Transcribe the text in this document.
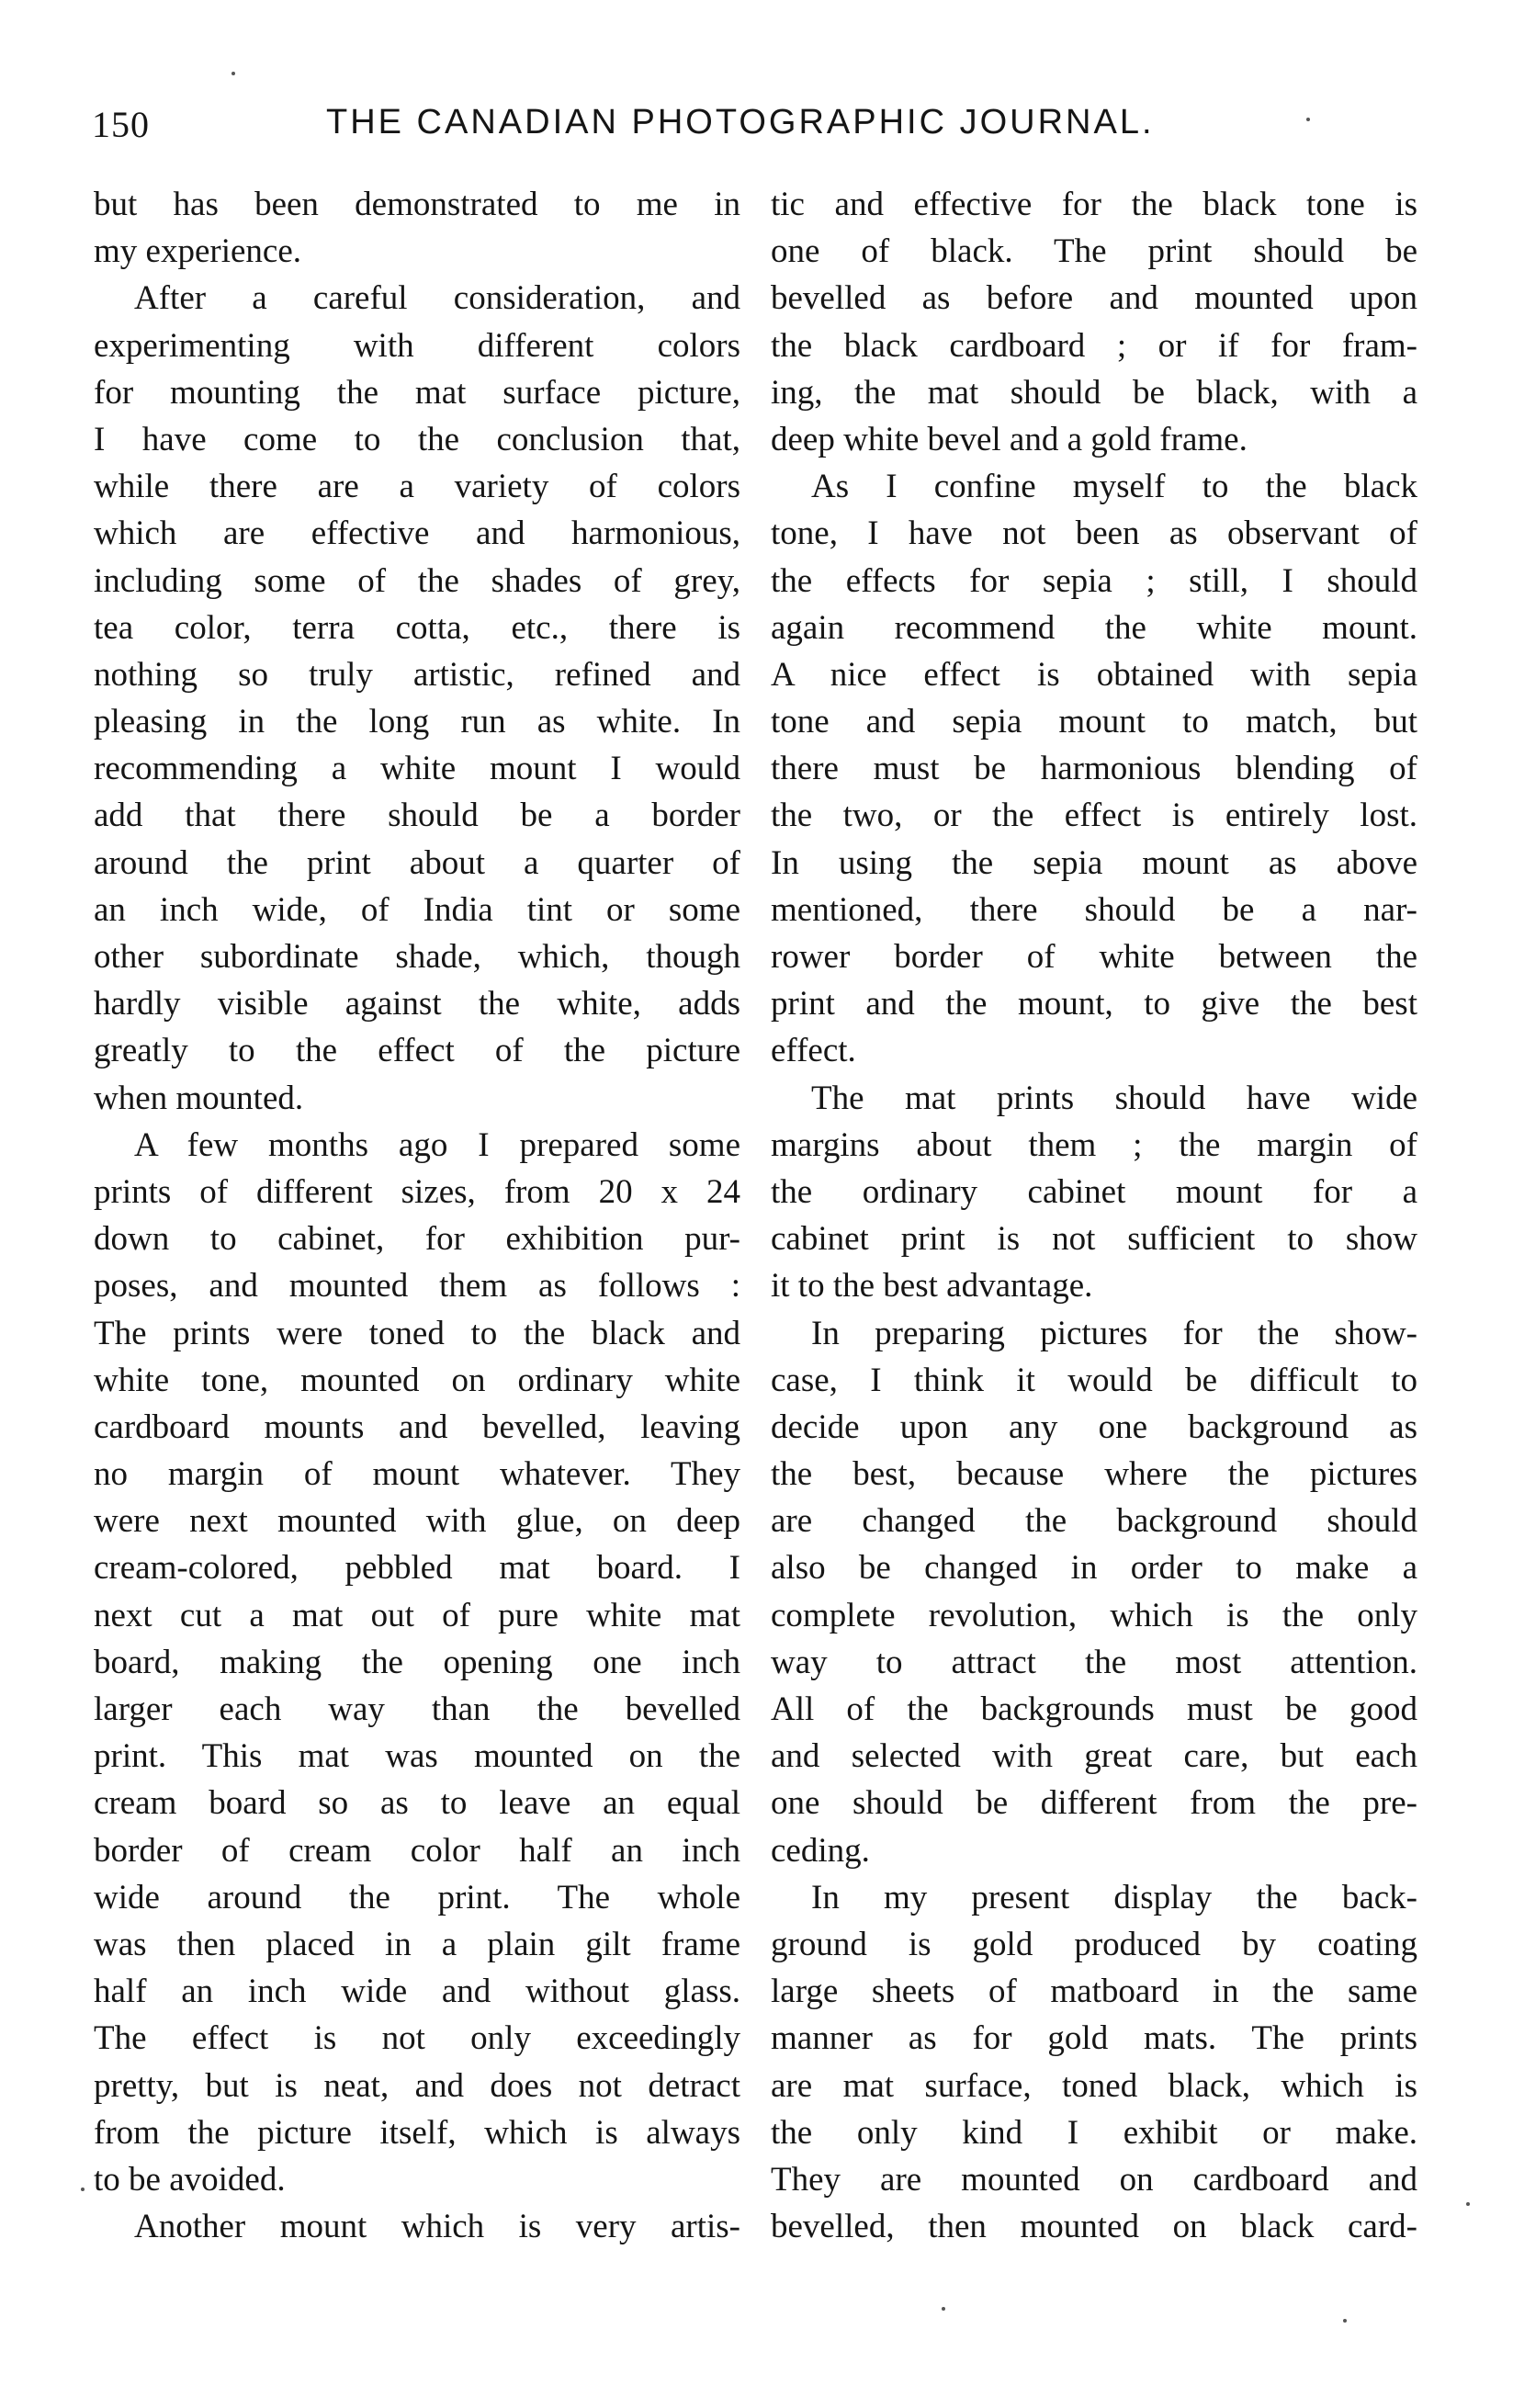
150	THE CANADIAN PHOTOGRAPHIC JOURNAL.
but has been demonstrated to me in
my experience.
After a careful consideration, and
experimenting with different colors
for mounting the mat surface picture,
I have come to the conclusion that,
while there are a variety of colors
which are effective and harmonious,
including some of the shades of grey,
tea color, terra cotta, etc., there is
nothing so truly artistic, refined and
pleasing in the long run as white. In
recommending a white mount I would
add that there should be a border
around the print about a quarter of
an inch wide, of India tint or some
other subordinate shade, which, though
hardly visible against the white, adds
greatly to the effect of the picture
when mounted.
A few months ago I prepared some
prints of different sizes, from 20 x 24
down to cabinet, for exhibition pur-
poses, and mounted them as follows :
The prints were toned to the black and
white tone, mounted on ordinary white
cardboard mounts and bevelled, leaving
no margin of mount whatever. They
were next mounted with glue, on deep
cream-colored, pebbled mat board. I
next cut a mat out of pure white mat
board, making the opening one inch
larger each way than the bevelled
print. This mat was mounted on the
cream board so as to leave an equal
border of cream color half an inch
wide around the print. The whole
was then placed in a plain gilt frame
half an inch wide and without glass.
The effect is not only exceedingly
pretty, but is neat, and does not detract
from the picture itself, which is always
to be avoided.
Another mount which is very artis-
tic and effective for the black tone is
one of black. The print should be
bevelled as before and mounted upon
the black cardboard ; or if for fram-
ing, the mat should be black, with a
deep white bevel and a gold frame.
As I confine myself to the black
tone, I have not been as observant of
the effects for sepia ; still, I should
again recommend the white mount.
A nice effect is obtained with sepia
tone and sepia mount to match, but
there must be harmonious blending of
the two, or the effect is entirely lost.
In using the sepia mount as above
mentioned, there should be a nar-
rower border of white between the
print and the mount, to give the best
effect.
The mat prints should have wide
margins about them ; the margin of
the ordinary cabinet mount for a
cabinet print is not sufficient to show
it to the best advantage.
In preparing pictures for the show-
case, I think it would be difficult to
decide upon any one background as
the best, because where the pictures
are changed the background should
also be changed in order to make a
complete revolution, which is the only
way to attract the most attention.
All of the backgrounds must be good
and selected with great care, but each
one should be different from the pre-
ceding.
In my present display the back-
ground is gold produced by coating
large sheets of matboard in the same
manner as for gold mats. The prints
are mat surface, toned black, which is
the only kind I exhibit or make.
They are mounted on cardboard and
bevelled, then mounted on black card-
